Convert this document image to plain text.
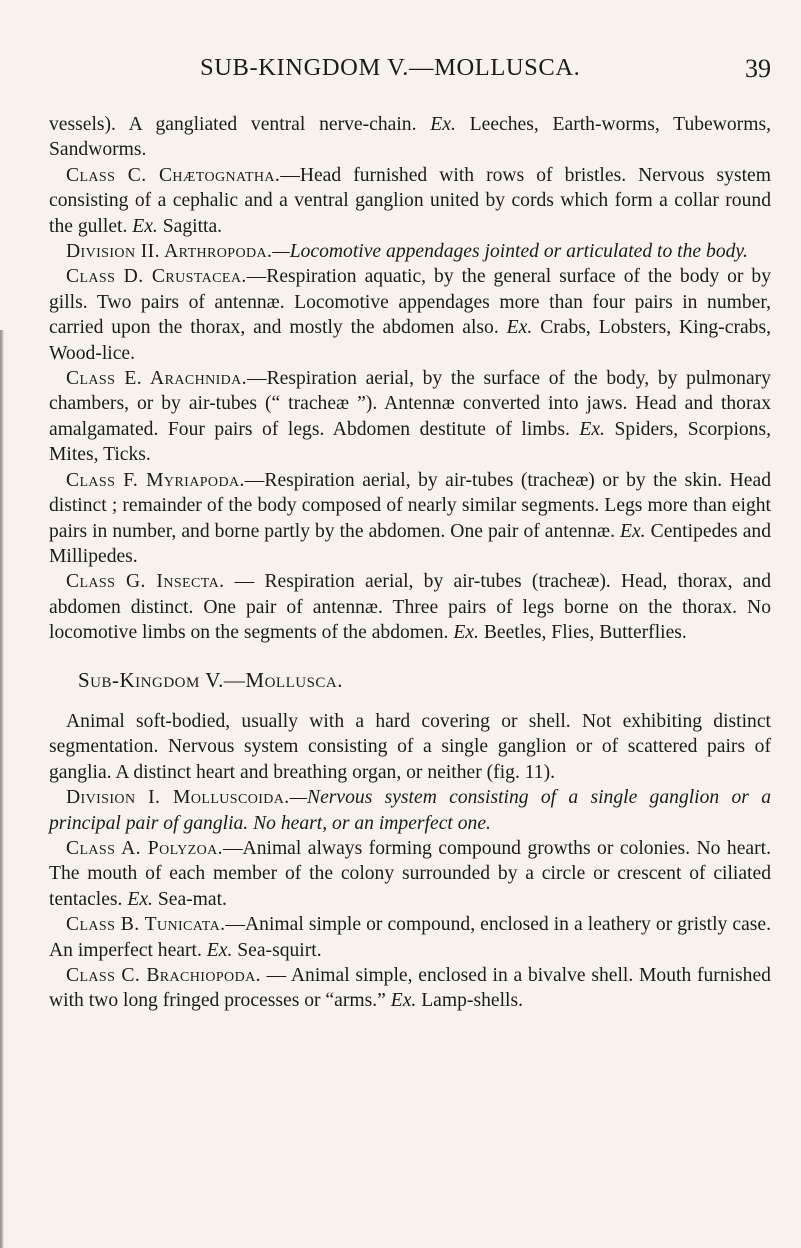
SUB-KINGDOM V.—MOLLUSCA.	39

vessels). A gangliated ventral nerve-chain. Ex. Leeches, Earth-worms, Tubeworms, Sandworms.

Class C. Chætognatha.—Head furnished with rows of bristles. Nervous system consisting of a cephalic and a ventral ganglion united by cords which form a collar round the gullet. Ex. Sagitta.

Division II. Arthropoda.—Locomotive appendages jointed or articulated to the body.

Class D. Crustacea.—Respiration aquatic, by the general surface of the body or by gills. Two pairs of antennæ. Locomotive appendages more than four pairs in number, carried upon the thorax, and mostly the abdomen also. Ex. Crabs, Lobsters, King-crabs, Wood-lice.

Class E. Arachnida.—Respiration aerial, by the surface of the body, by pulmonary chambers, or by air-tubes (“ tracheæ ”). Antennæ converted into jaws. Head and thorax amalgamated. Four pairs of legs. Abdomen destitute of limbs. Ex. Spiders, Scorpions, Mites, Ticks.

Class F. Myriapoda.—Respiration aerial, by air-tubes (tracheæ) or by the skin. Head distinct ; remainder of the body composed of nearly similar segments. Legs more than eight pairs in number, and borne partly by the abdomen. One pair of antennæ. Ex. Centipedes and Millipedes.

Class G. Insecta. — Respiration aerial, by air-tubes (tracheæ). Head, thorax, and abdomen distinct. One pair of antennæ. Three pairs of legs borne on the thorax. No locomotive limbs on the segments of the abdomen. Ex. Beetles, Flies, Butterflies.

Sub-Kingdom V.—Mollusca.

Animal soft-bodied, usually with a hard covering or shell. Not exhibiting distinct segmentation. Nervous system consisting of a single ganglion or of scattered pairs of ganglia. A distinct heart and breathing organ, or neither (fig. 11).

Division I. Molluscoida.—Nervous system consisting of a single ganglion or a principal pair of ganglia. No heart, or an imperfect one.

Class A. Polyzoa.—Animal always forming compound growths or colonies. No heart. The mouth of each member of the colony surrounded by a circle or crescent of ciliated tentacles. Ex. Sea-mat.

Class B. Tunicata.—Animal simple or compound, enclosed in a leathery or gristly case. An imperfect heart. Ex. Sea-squirt.

Class C. Brachiopoda. — Animal simple, enclosed in a bivalve shell. Mouth furnished with two long fringed processes or “arms.” Ex. Lamp-shells.
